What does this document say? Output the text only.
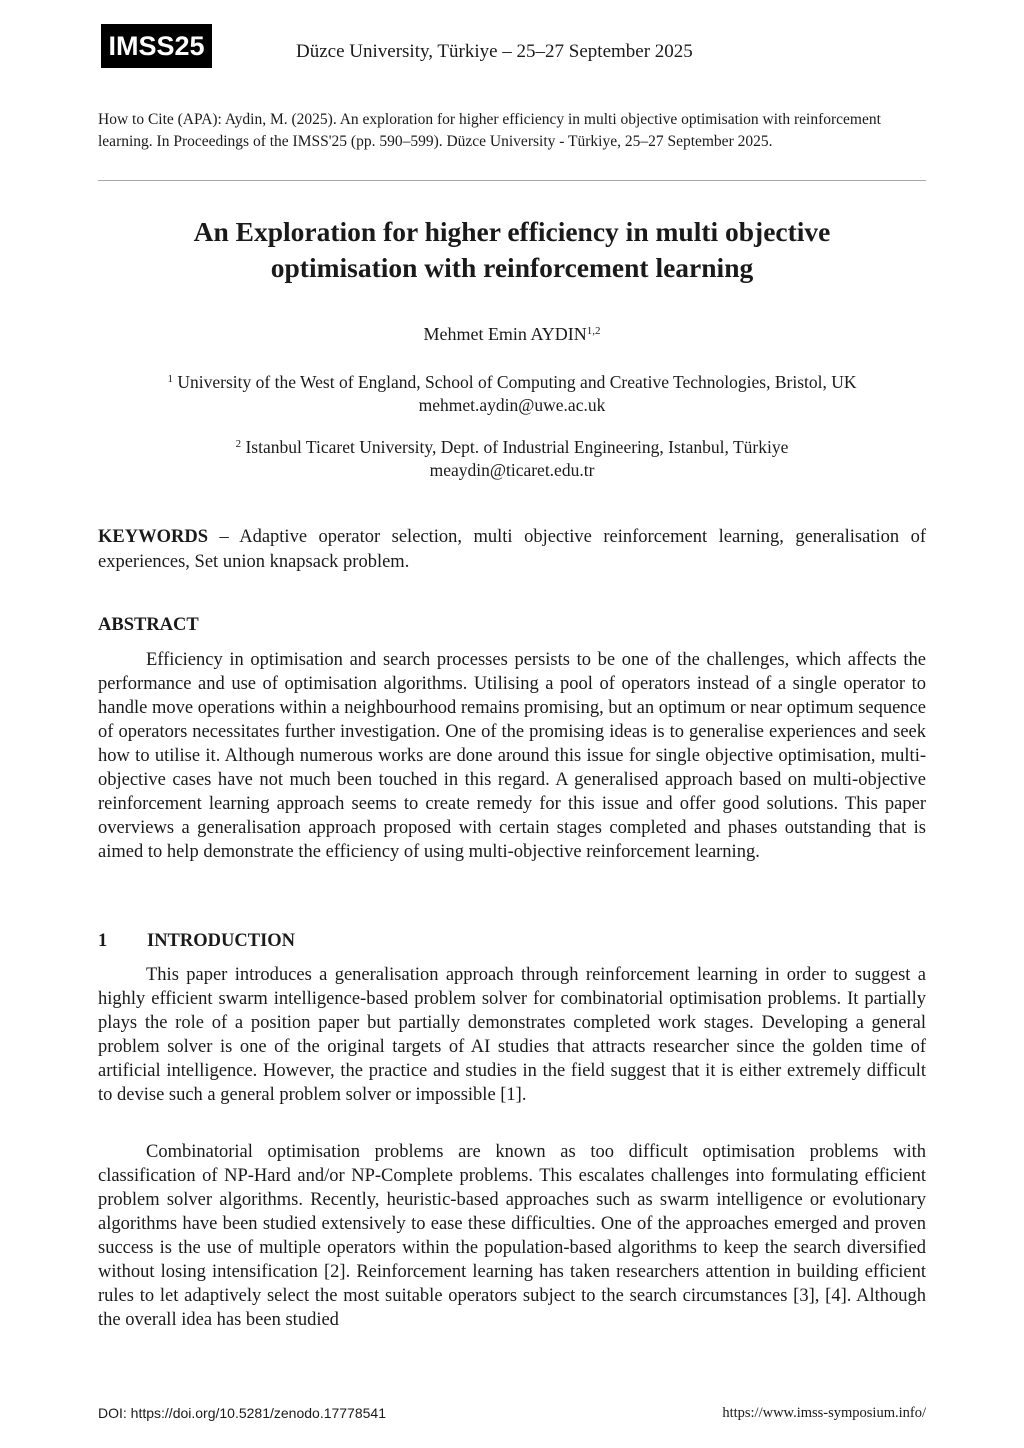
IMSS25	Düzce University, Türkiye – 25–27 September 2025
How to Cite (APA): Aydin, M. (2025). An exploration for higher efficiency in multi objective optimisation with reinforcement learning. In Proceedings of the IMSS'25 (pp. 590–599). Düzce University - Türkiye, 25–27 September 2025.
An Exploration for higher efficiency in multi objective
optimisation with reinforcement learning
Mehmet Emin AYDIN$^{1,2}$
$^1$ University of the West of England, School of Computing and Creative Technologies, Bristol, UK
mehmet.aydin@uwe.ac.uk
$^2$ Istanbul Ticaret University, Dept. of Industrial Engineering, Istanbul, Türkiye
meaydin@ticaret.edu.tr
KEYWORDS – Adaptive operator selection, multi objective reinforcement learning, generalisation of experiences, Set union knapsack problem.
ABSTRACT

Efficiency in optimisation and search processes persists to be one of the challenges, which affects the performance and use of optimisation algorithms. Utilising a pool of operators instead of a single operator to handle move operations within a neighbourhood remains promising, but an optimum or near optimum sequence of operators necessitates further investigation. One of the promising ideas is to generalise experiences and seek how to utilise it. Although numerous works are done around this issue for single objective optimisation, multi-objective cases have not much been touched in this regard. A generalised approach based on multi-objective reinforcement learning approach seems to create remedy for this issue and offer good solutions. This paper overviews a generalisation approach proposed with certain stages completed and phases outstanding that is aimed to help demonstrate the efficiency of using multi-objective reinforcement learning.

1 INTRODUCTION

This paper introduces a generalisation approach through reinforcement learning in order to suggest a highly efficient swarm intelligence-based problem solver for combinatorial optimisation problems. It partially plays the role of a position paper but partially demonstrates completed work stages. Developing a general problem solver is one of the original targets of AI studies that attracts researcher since the golden time of artificial intelligence. However, the practice and studies in the field suggest that it is either extremely difficult to devise such a general problem solver or impossible [1].

Combinatorial optimisation problems are known as too difficult optimisation problems with classification of NP-Hard and/or NP-Complete problems. This escalates challenges into formulating efficient problem solver algorithms. Recently, heuristic-based approaches such as swarm intelligence or evolutionary algorithms have been studied extensively to ease these difficulties. One of the approaches emerged and proven success is the use of multiple operators within the population-based algorithms to keep the search diversified without losing intensification [2]. Reinforcement learning has taken researchers attention in building efficient rules to let adaptively select the most suitable operators subject to the search circumstances [3], [4]. Although the overall idea has been studied

DOI: https://doi.org/10.5281/zenodo.17778541	https://www.imss-symposium.info/
